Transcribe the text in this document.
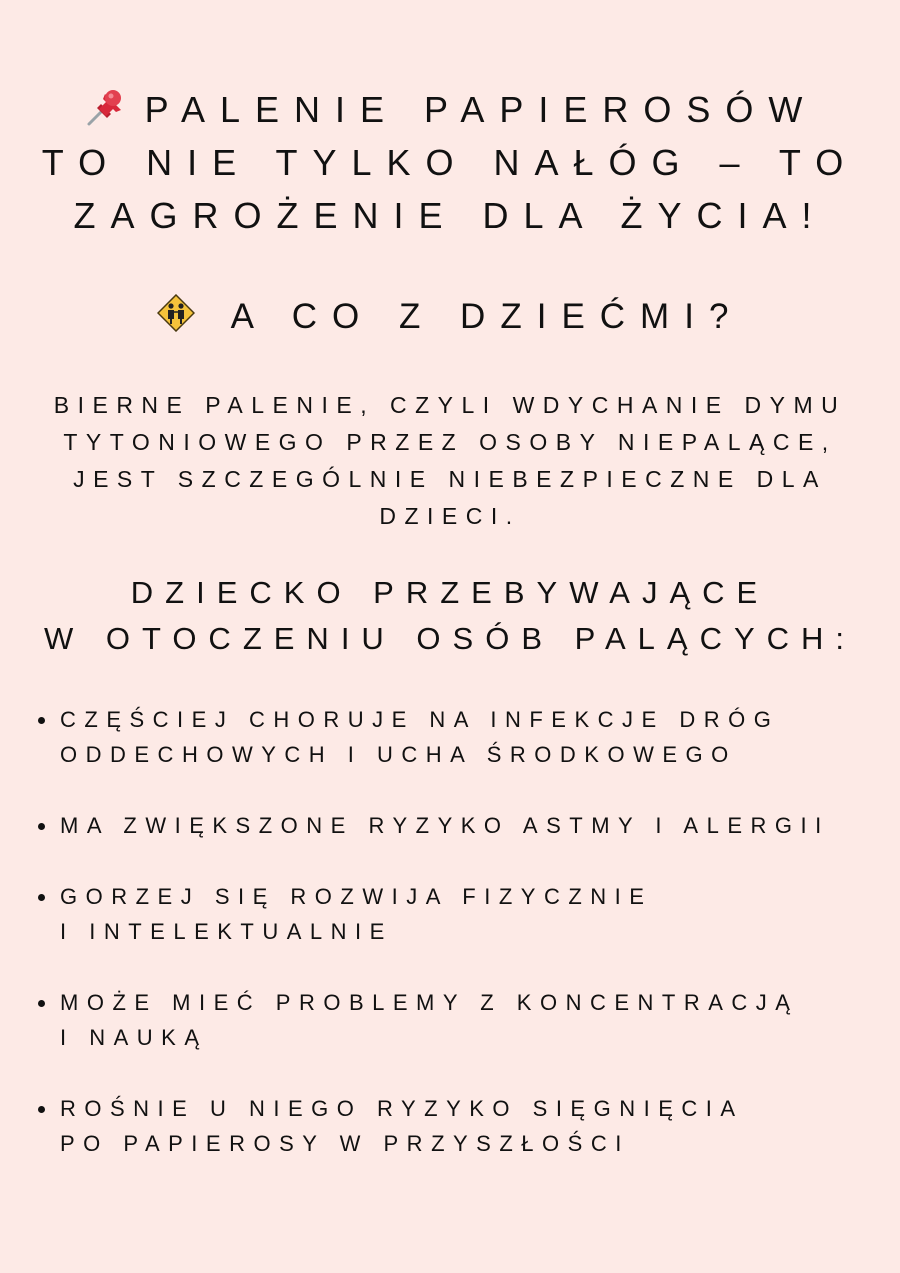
PALENIE PAPIEROSÓW
TO NIE TYLKO NAŁÓG – TO
ZAGROŻENIE DLA ŻYCIA!
A CO Z DZIEĆMI?

BIERNE PALENIE, CZYLI WDYCHANIE DYMU
TYTONIOWEGO PRZEZ OSOBY NIEPALĄCE,
JEST SZCZEGÓLNIE NIEBEZPIECZNE DLA
DZIECI.

DZIECKO PRZEBYWAJĄCE
W OTOCZENIU OSÓB PALĄCYCH:
CZĘŚCIEJ CHORUJE NA INFEKCJE DRÓG
ODDECHOWYCH I UCHA ŚRODKOWEGO
MA ZWIĘKSZONE RYZYKO ASTMY I ALERGII
GORZEJ SIĘ ROZWIJA FIZYCZNIE
I INTELEKTUALNIE
MOŻE MIEĆ PROBLEMY Z KONCENTRACJĄ
I NAUKĄ
ROŚNIE U NIEGO RYZYKO SIĘGNIĘCIA
PO PAPIEROSY W PRZYSZŁOŚCI
